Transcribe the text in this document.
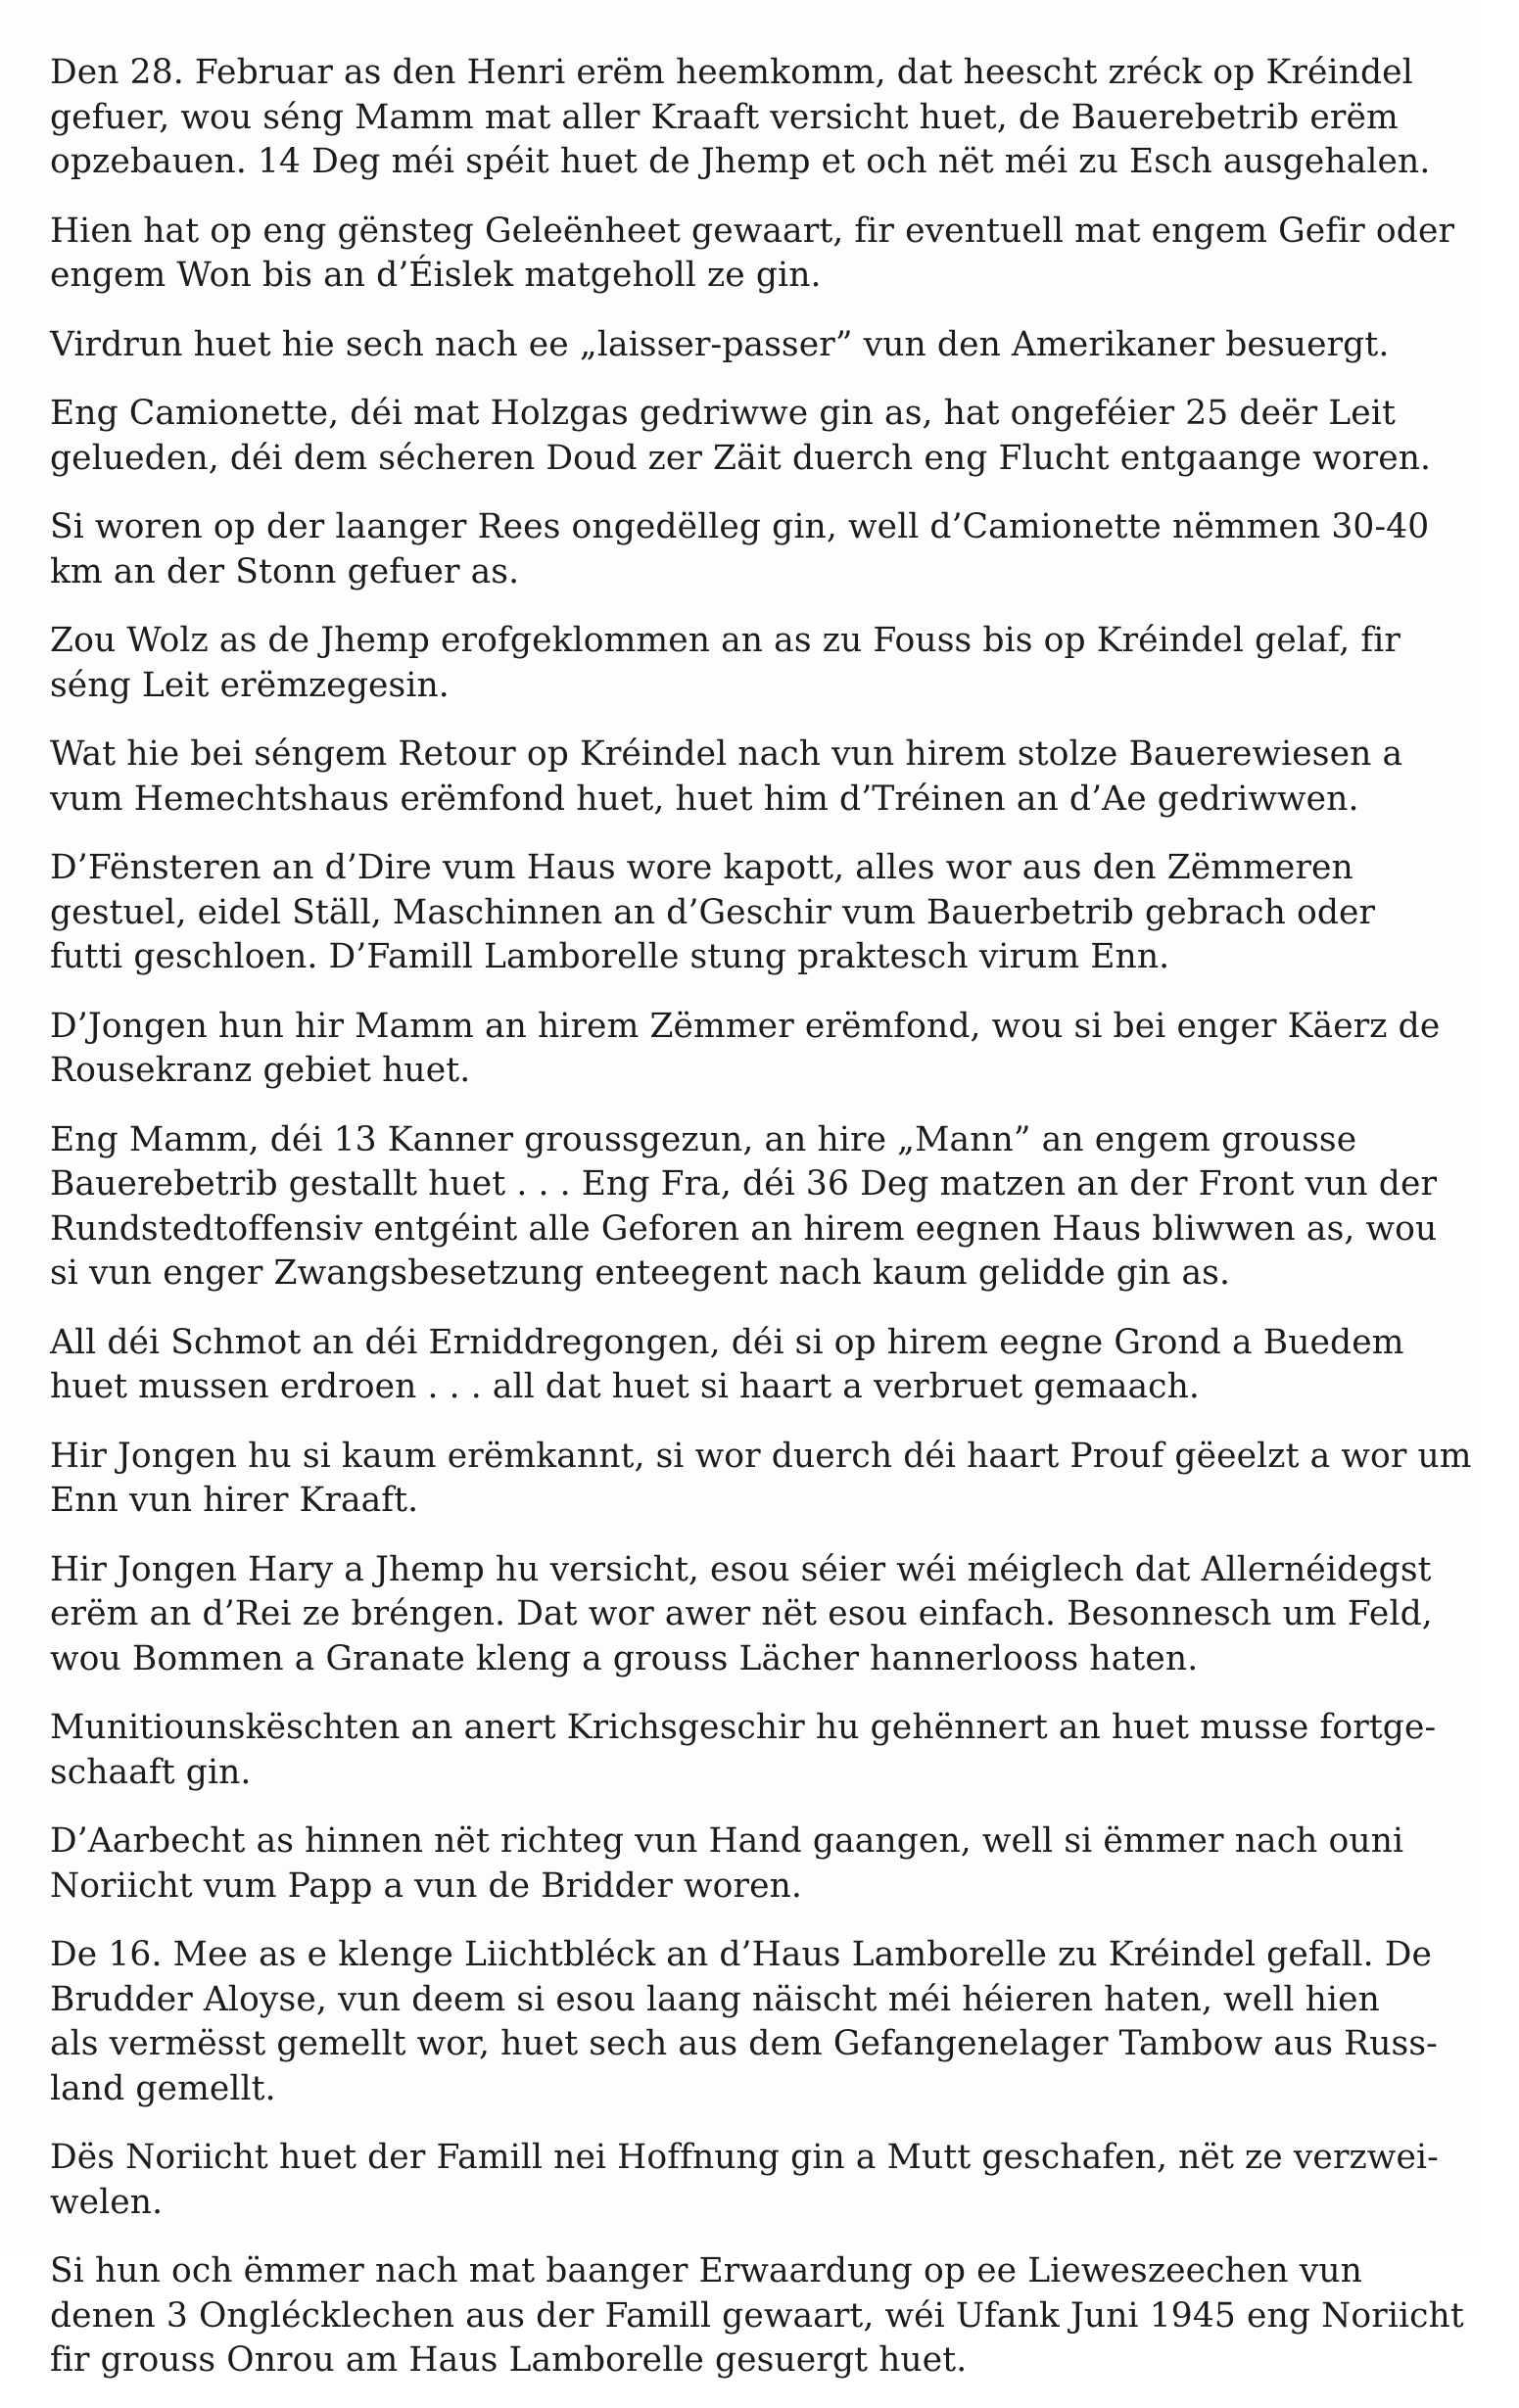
Den 28. Februar as den Henri erëm heemkomm, dat heescht zréck op Kréindel
gefuer, wou séng Mamm mat aller Kraaft versicht huet, de Bauerebetrib erëm
opzebauen. 14 Deg méi spéit huet de Jhemp et och nët méi zu Esch ausgehalen.

Hien hat op eng gënsteg Geleënheet gewaart, fir eventuell mat engem Gefir oder
engem Won bis an d’Éislek matgeholl ze gin.

Virdrun huet hie sech nach ee „laisser-passer” vun den Amerikaner besuergt.

Eng Camionette, déi mat Holzgas gedriwwe gin as, hat ongeféier 25 deër Leit
gelueden, déi dem sécheren Doud zer Zäit duerch eng Flucht entgaange woren.

Si woren op der laanger Rees ongedëlleg gin, well d’Camionette nëmmen 30-40
km an der Stonn gefuer as.

Zou Wolz as de Jhemp erofgeklommen an as zu Fouss bis op Kréindel gelaf, fir
séng Leit erëmzegesin.

Wat hie bei séngem Retour op Kréindel nach vun hirem stolze Bauerewiesen a
vum Hemechtshaus erëmfond huet, huet him d’Tréinen an d’Ae gedriwwen.

D’Fënsteren an d’Dire vum Haus wore kapott, alles wor aus den Zëmmeren
gestuel, eidel Ställ, Maschinnen an d’Geschir vum Bauerbetrib gebrach oder
futti geschloen. D’Famill Lamborelle stung praktesch virum Enn.

D’Jongen hun hir Mamm an hirem Zëmmer erëmfond, wou si bei enger Käerz de
Rousekranz gebiet huet.

Eng Mamm, déi 13 Kanner groussgezun, an hire „Mann” an engem grousse
Bauerebetrib gestallt huet . . . Eng Fra, déi 36 Deg matzen an der Front vun der
Rundstedtoffensiv entgéint alle Geforen an hirem eegnen Haus bliwwen as, wou
si vun enger Zwangsbesetzung enteegent nach kaum gelidde gin as.

All déi Schmot an déi Erniddregongen, déi si op hirem eegne Grond a Buedem
huet mussen erdroen . . . all dat huet si haart a verbruet gemaach.

Hir Jongen hu si kaum erëmkannt, si wor duerch déi haart Prouf gëeelzt a wor um
Enn vun hirer Kraaft.

Hir Jongen Hary a Jhemp hu versicht, esou séier wéi méiglech dat Allernéidegst
erëm an d’Rei ze bréngen. Dat wor awer nët esou einfach. Besonnesch um Feld,
wou Bommen a Granate kleng a grouss Lächer hannerlooss haten.

Munitiounskëschten an anert Krichsgeschir hu gehënnert an huet musse fortge-
schaaft gin.

D’Aarbecht as hinnen nët richteg vun Hand gaangen, well si ëmmer nach ouni
Noriicht vum Papp a vun de Bridder woren.

De 16. Mee as e klenge Liichtbléck an d’Haus Lamborelle zu Kréindel gefall. De
Brudder Aloyse, vun deem si esou laang näischt méi héieren haten, well hien
als vermësst gemellt wor, huet sech aus dem Gefangenelager Tambow aus Russ-
land gemellt.

Dës Noriicht huet der Famill nei Hoffnung gin a Mutt geschafen, nët ze verzwei-
welen.

Si hun och ëmmer nach mat baanger Erwaardung op ee Lieweszeechen vun
denen 3 Onglécklechen aus der Famill gewaart, wéi Ufank Juni 1945 eng Noriicht
fir grouss Onrou am Haus Lamborelle gesuergt huet.
